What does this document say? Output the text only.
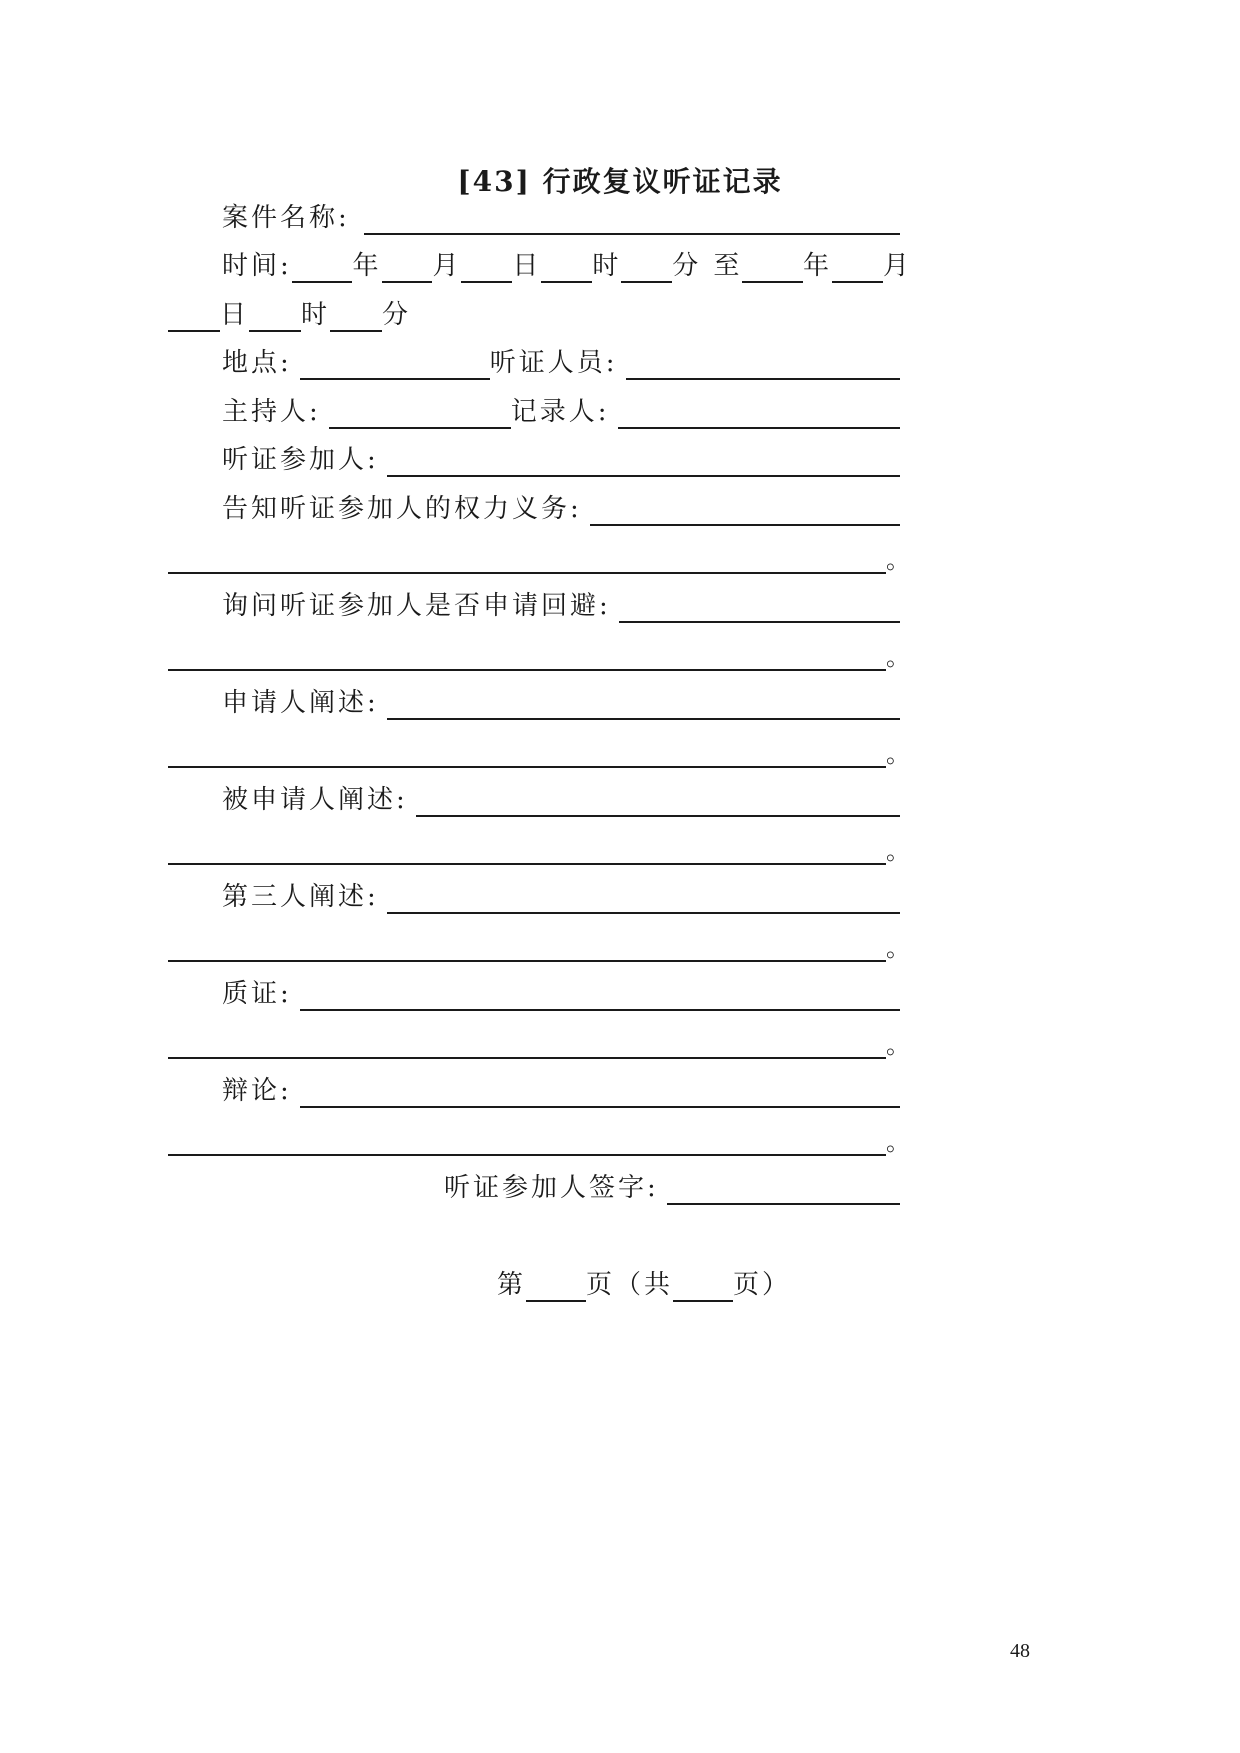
[43] 行政复议听证记录
案件名称:
时间: 年 月 日 时 分 至 年 月
日 时 分
地点:	听证人员:
主持人:	记录人:
听证参加人:
告知听证参加人的权力义务:
。
询问听证参加人是否申请回避:
。
申请人阐述:
。
被申请人阐述:
。
第三人阐述:
。
质证:
。
辩论:
。
听证参加人签字:
第 页（共 页）
48
